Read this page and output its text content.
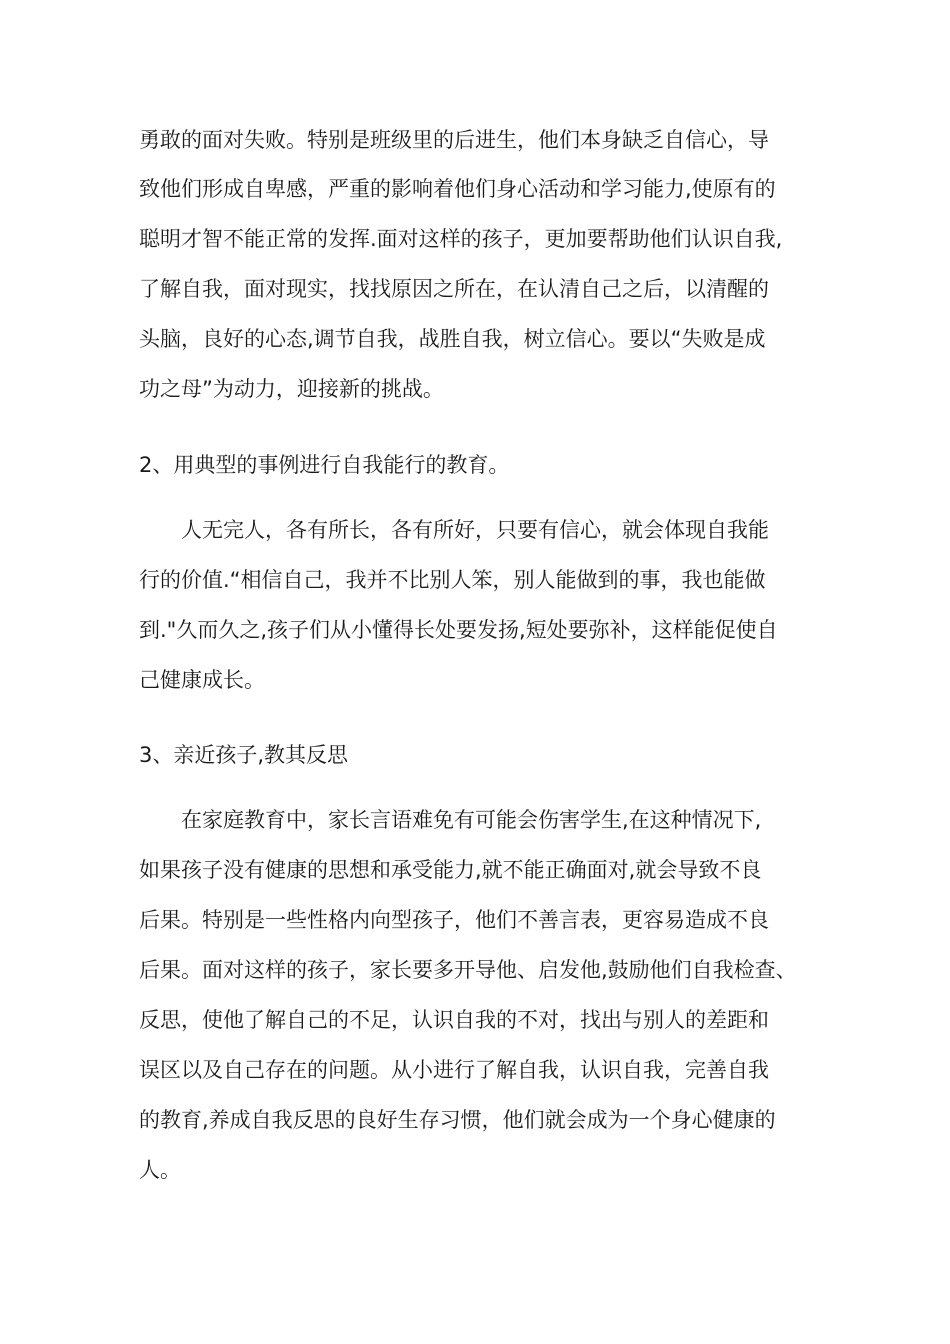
勇敢的面对失败。特别是班级里的后进生，他们本身缺乏自信心，导
致他们形成自卑感，严重的影响着他们身心活动和学习能力,使原有的
聪明才智不能正常的发挥.面对这样的孩子，更加要帮助他们认识自我,
了解自我，面对现实，找找原因之所在，在认清自己之后，以清醒的
头脑，良好的心态,调节自我，战胜自我，树立信心。要以“失败是成
功之母”为动力，迎接新的挑战。
2、用典型的事例进行自我能行的教育。
人无完人，各有所长，各有所好，只要有信心，就会体现自我能
行的价值.“相信自己，我并不比别人笨，别人能做到的事，我也能做
到."久而久之,孩子们从小懂得长处要发扬,短处要弥补，这样能促使自
己健康成长。
3、亲近孩子,教其反思
在家庭教育中，家长言语难免有可能会伤害学生,在这种情况下,
如果孩子没有健康的思想和承受能力,就不能正确面对,就会导致不良
后果。特别是一些性格内向型孩子，他们不善言表，更容易造成不良
后果。面对这样的孩子，家长要多开导他、启发他,鼓励他们自我检查、
反思，使他了解自己的不足，认识自我的不对，找出与别人的差距和
误区以及自己存在的问题。从小进行了解自我，认识自我，完善自我
的教育,养成自我反思的良好生存习惯，他们就会成为一个身心健康的
人。
